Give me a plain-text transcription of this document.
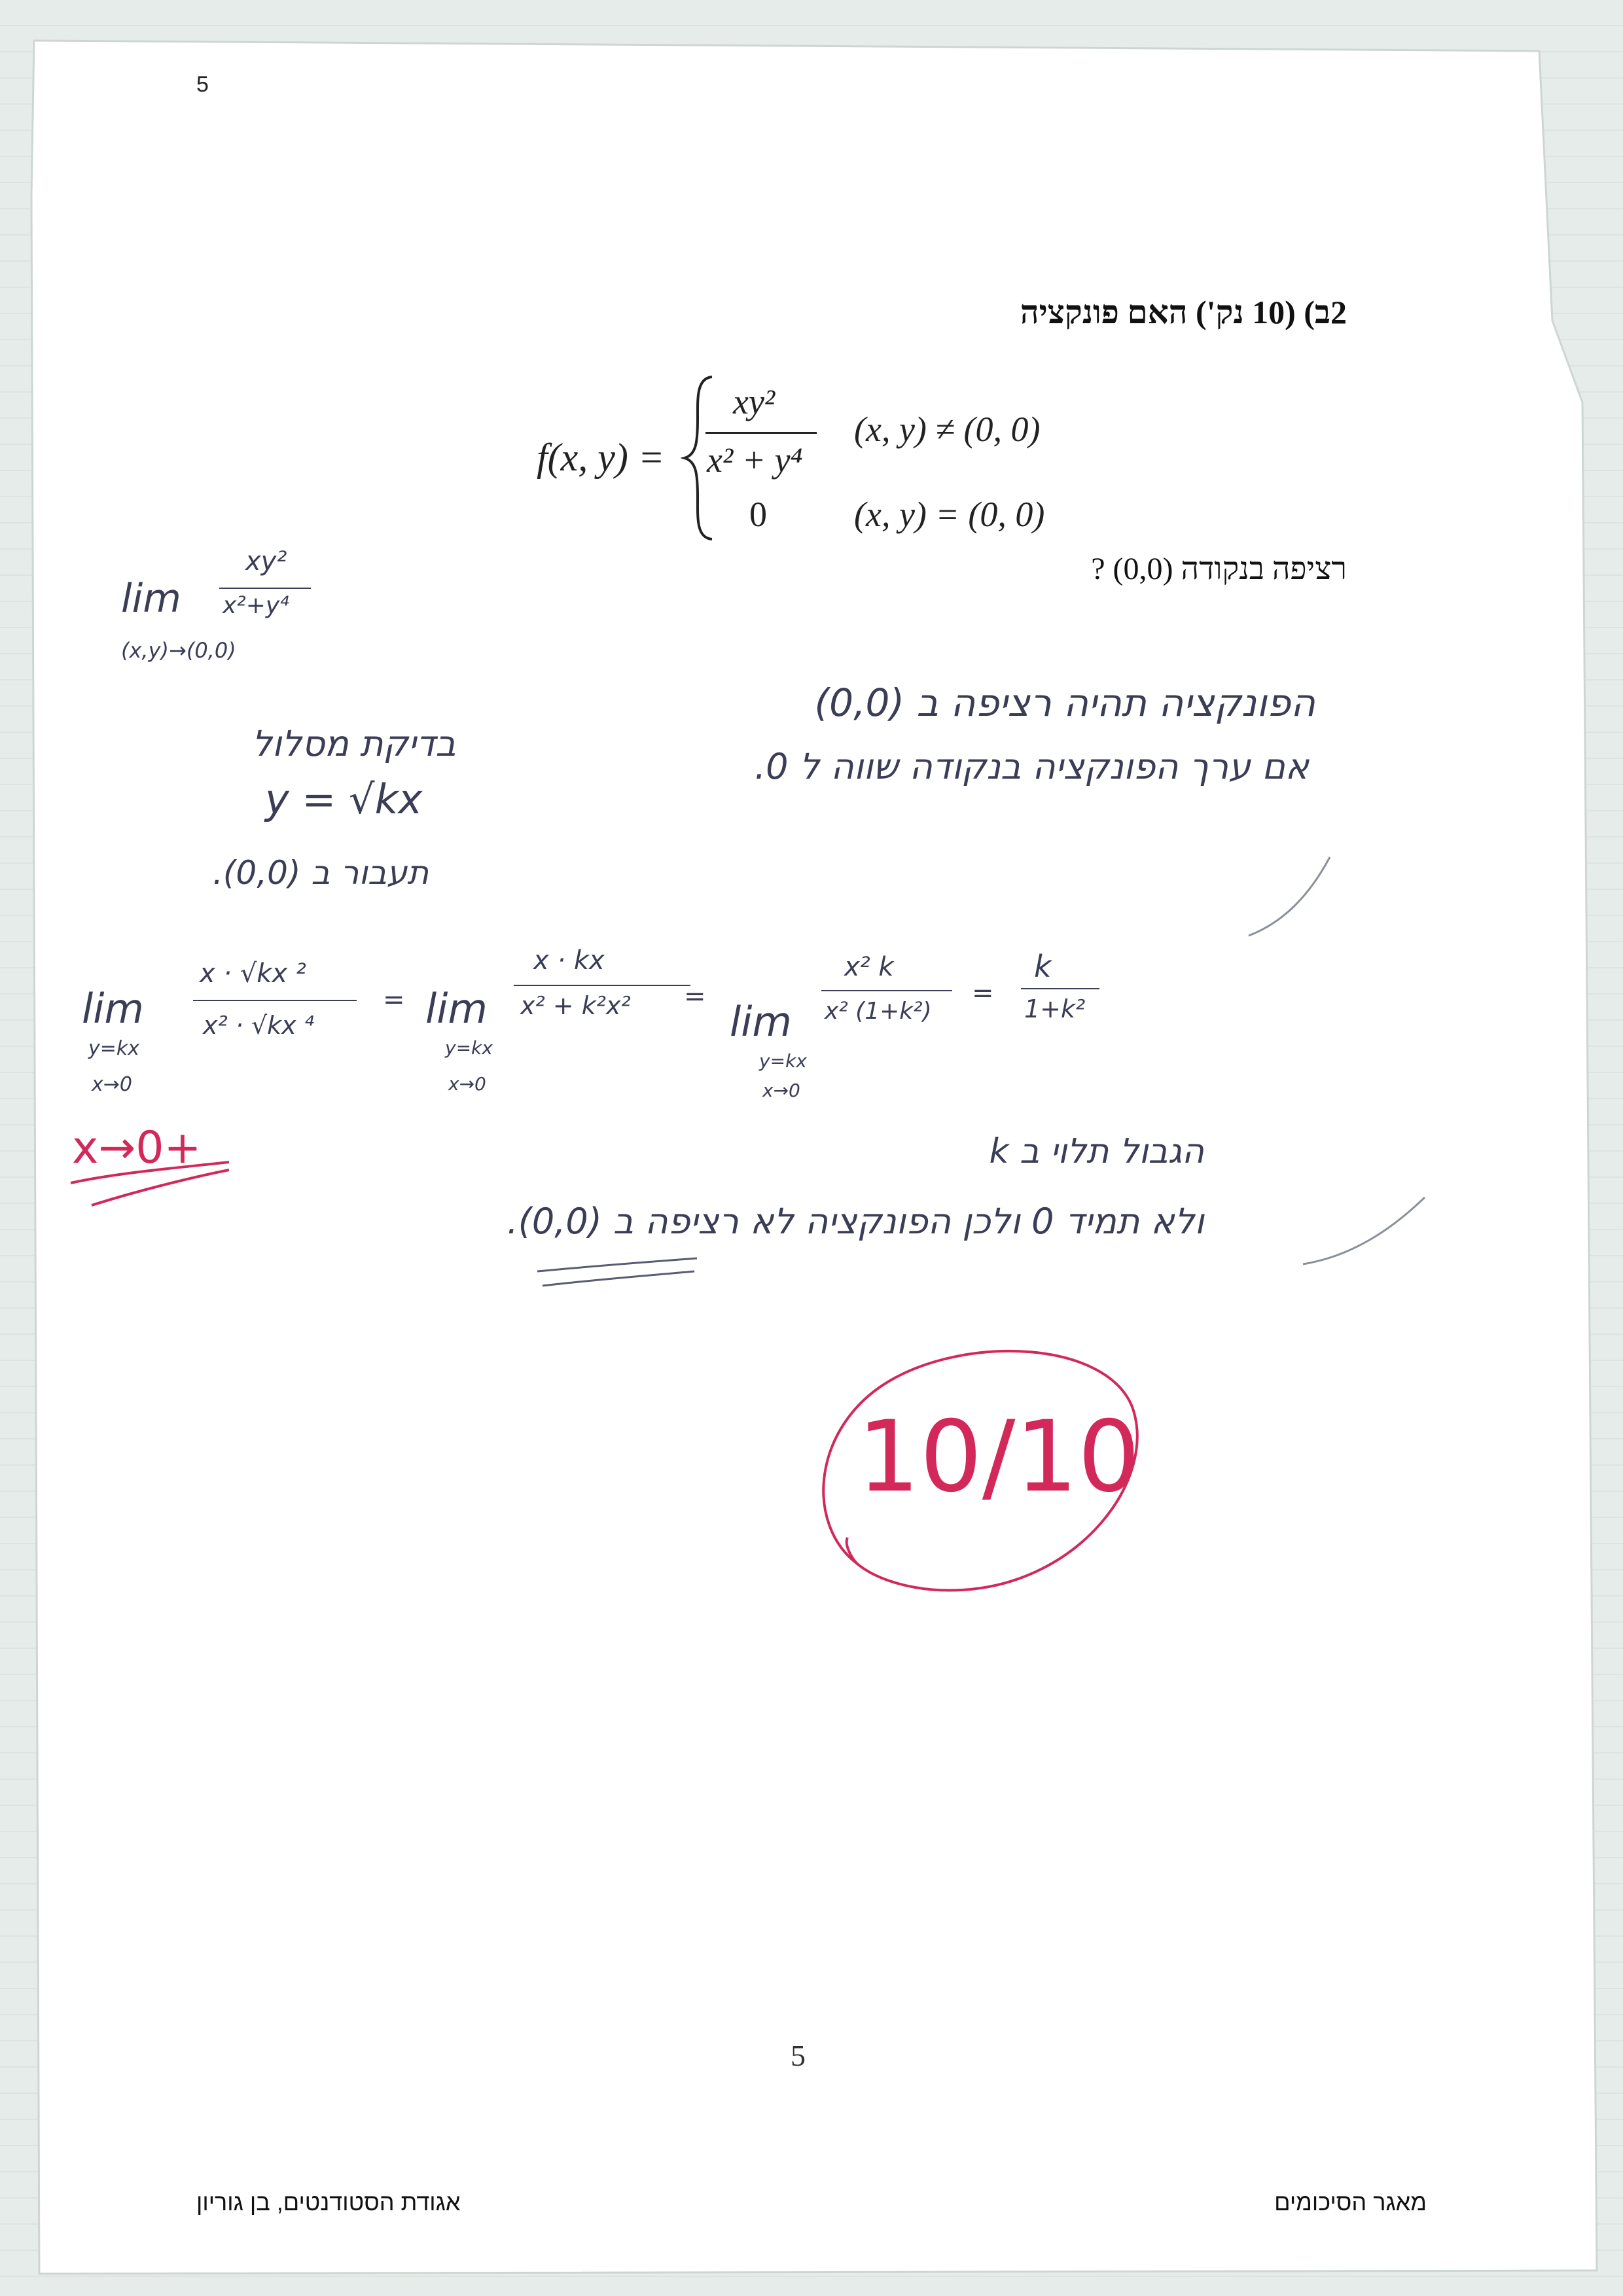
5
2ב) (10 נק') האם פונקציה
f(x, y) =
xy²
x² + y⁴
(x, y) ≠ (0, 0)
0 (x, y) = (0, 0)
רציפה בנקודה (0,0) ?
lim
xy²
x²+y⁴
(x,y)→(0,0)
הפונקציה תהיה רציפה ב (0,0)
אם ערך הפונקציה בנקודה שווה ל 0.
בדיקת מסלול
y = √kx
תעבור ב (0,0).
lim
y=kx
x→0
x · √kx ²
x² · √kx ⁴
= lim
y=kx
x→0
x · kx
x² + k²x² =
lim
y=kx
x→0
x² k
x² (1+k²)
=
k
1+k²
x→0+	הגבול תלוי ב k
ולא תמיד 0 ולכן הפונקציה לא רציפה ב (0,0).
10/10
5
אגודת הסטודנטים, בן גוריון	מאגר הסיכומים
